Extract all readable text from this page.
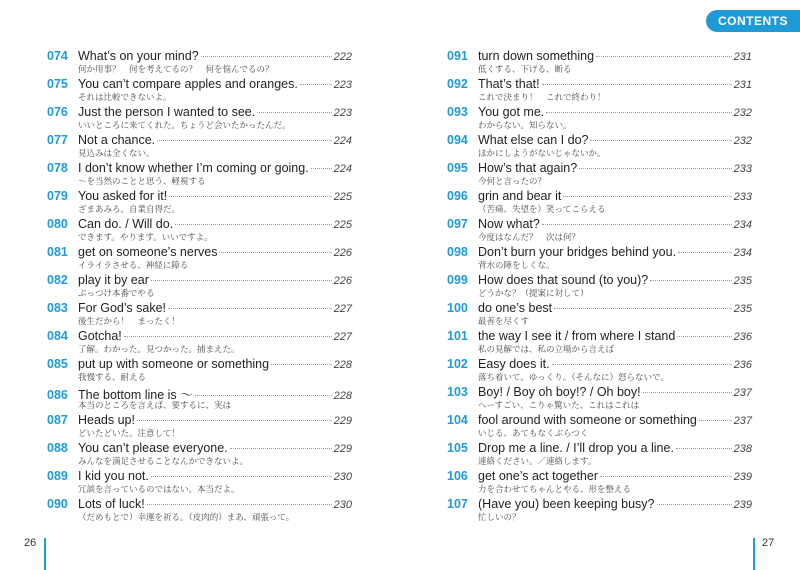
CONTENTS
074 What’s on your mind?	222
何か用事？　何を考えてるの？　何を悩んでるの？
075 You can’t compare apples and oranges.	223
それは比較できないよ。
076 Just the person I wanted to see.	223
いいところに来てくれた。ちょうど会いたかったんだ。
077 Not a chance.	224
見込みは全くない。
078 I don’t know whether I’m coming or going. 224
〜を当然のことと思う、軽視する
079 You asked for it!	225
ざまあみろ。自業自得だ。
080 Can do. / Will do.	225
できます。やります。いいですよ。
081 get on someone’s nerves	226
イライラさせる、神経に障る
082 play it by ear	226
ぶっつけ本番でやる
083 For God’s sake!	227
後生だから！　まったく！
084 Gotcha!	227
了解。わかった。見つかった。捕まえた。
085 put up with someone or something	228
我慢する、耐える
086 The bottom line is 〜	228
本当のところを言えば、要するに、実は
087 Heads up!	229
どいたどいた。注意して！
088 You can’t please everyone.	229
みんなを満足させることなんかできないよ。
089 I kid you not.	230
冗談を言っているのではない。本当だよ。
090 Lots of luck!	230
（だめもとで）幸運を祈る。（皮肉的）まあ、頑張って。
091 turn down something	231
低くする、下げる、断る
092 That’s that!	231
これで決まり！　これで終わり！
093 You got me.	232
わからない。知らない。
094 What else can I do?	232
ほかにしようがないじゃないか。
095 How’s that again?	233
今何と言ったの？
096 grin and bear it	233
（苦痛、失望を）笑ってこらえる
097 Now what?	234
今度はなんだ？　次は何？
098 Don’t burn your bridges behind you.	234
背水の陣をしくな。
099 How does that sound (to you)?	235
どうかな？（提案に対して）
100 do one’s best	235
最善を尽くす
101 the way I see it / from where I stand	236
私の見解では、私の立場から言えば
102 Easy does it.	236
落ち着いて。ゆっくり。（そんなに）怒らないで。
103 Boy! / Boy oh boy!? / Oh boy!	237
へーすごい、こりゃ驚いた、これはこれは
104 fool around with someone or something	237
いじる、あてもなくぶらつく
105 Drop me a line. / I’ll drop you a line.	238
連絡ください。／連絡します。
106 get one’s act together	239
力を合わせてちゃんとやる、形を整える
107 (Have you) been keeping busy?	239
忙しいの？
26	27
